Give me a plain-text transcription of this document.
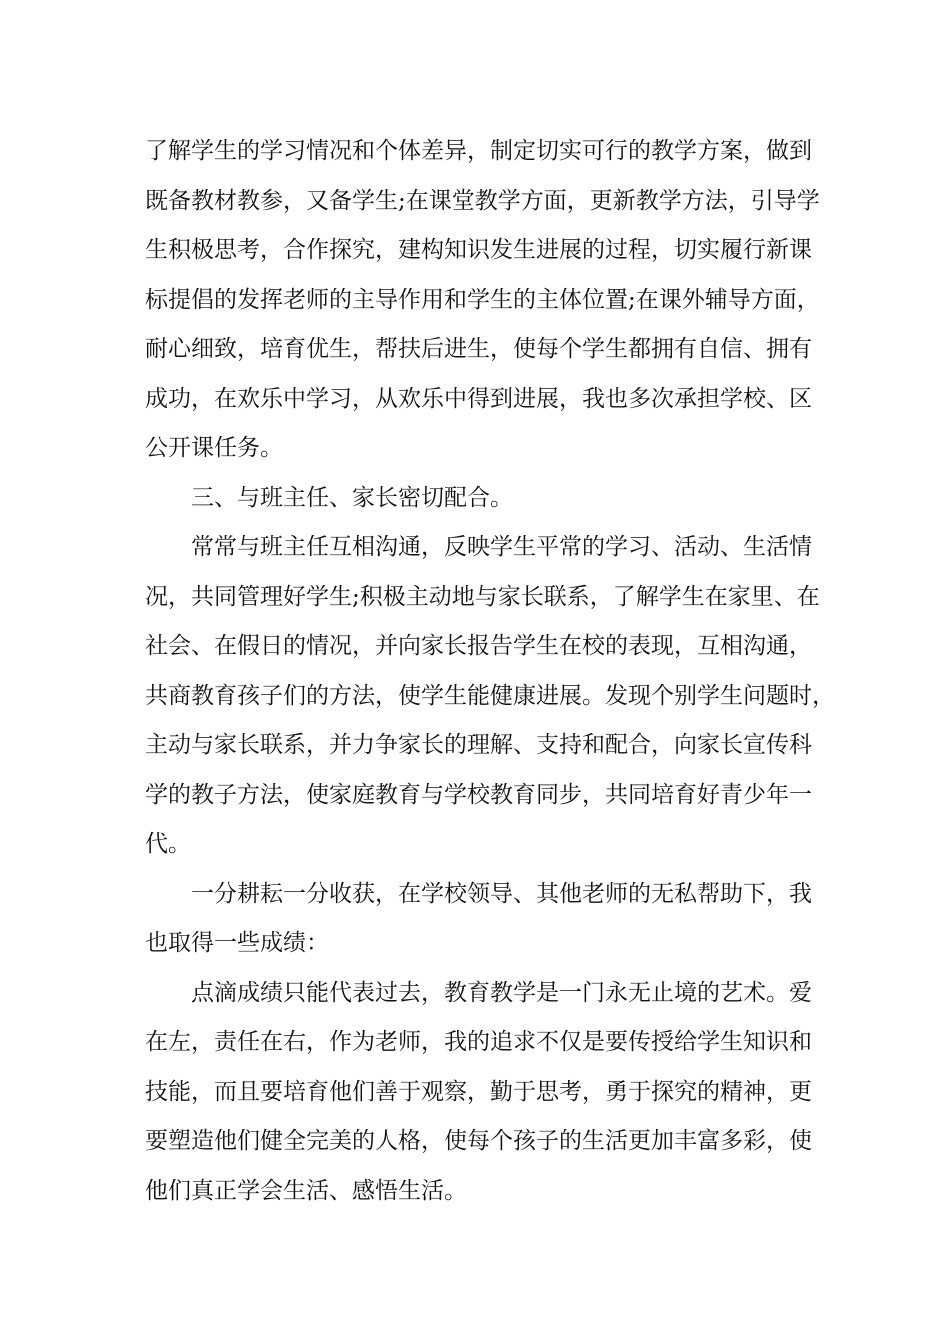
了解学生的学习情况和个体差异，制定切实可行的教学方案，做到
既备教材教参，又备学生;在课堂教学方面，更新教学方法，引导学
生积极思考，合作探究，建构知识发生进展的过程，切实履行新课
标提倡的发挥老师的主导作用和学生的主体位置;在课外辅导方面，
耐心细致，培育优生，帮扶后进生，使每个学生都拥有自信、拥有
成功，在欢乐中学习，从欢乐中得到进展，我也多次承担学校、区
公开课任务。
三、与班主任、家长密切配合。
常常与班主任互相沟通，反映学生平常的学习、活动、生活情
况，共同管理好学生;积极主动地与家长联系，了解学生在家里、在
社会、在假日的情况，并向家长报告学生在校的表现，互相沟通，
共商教育孩子们的方法，使学生能健康进展。发现个别学生问题时，
主动与家长联系，并力争家长的理解、支持和配合，向家长宣传科
学的教子方法，使家庭教育与学校教育同步，共同培育好青少年一
代。
一分耕耘一分收获，在学校领导、其他老师的无私帮助下，我
也取得一些成绩：
点滴成绩只能代表过去，教育教学是一门永无止境的艺术。爱
在左，责任在右，作为老师，我的追求不仅是要传授给学生知识和
技能，而且要培育他们善于观察，勤于思考，勇于探究的精神，更
要塑造他们健全完美的人格，使每个孩子的生活更加丰富多彩，使
他们真正学会生活、感悟生活。
